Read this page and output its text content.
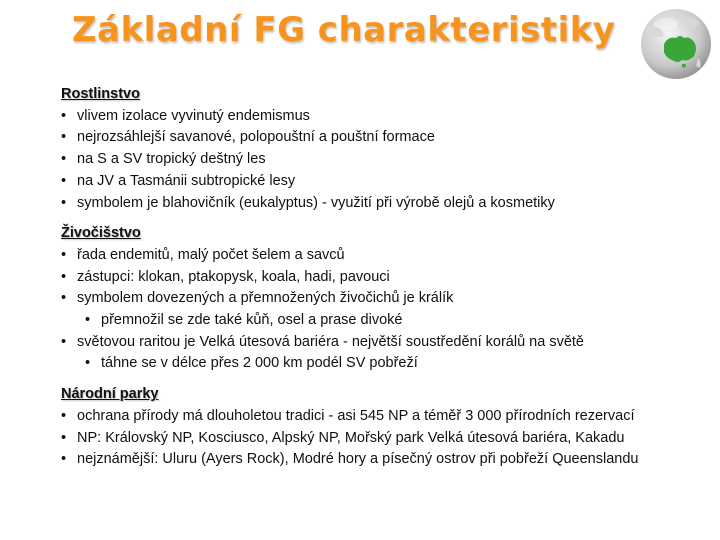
Základní FG charakteristiky
Rostlinstvo
• vlivem izolace vyvinutý endemismus
• nejrozsáhlejší savanové, polopouštní a pouštní formace
• na S a SV tropický deštný les
• na JV a Tasmánii subtropické lesy
• symbolem je blahovičník (eukalyptus) - využití při výrobě olejů a kosmetiky
Živočišstvo
• řada endemitů, malý počet šelem a savců
• zástupci: klokan, ptakopysk, koala, hadi, pavouci
• symbolem dovezených a přemnožených živočichů je králík
• přemnožil se zde také kůň, osel a prase divoké
• světovou raritou je Velká útesová bariéra - největší soustředění korálů na světě
• táhne se v délce přes 2 000 km podél SV pobřeží
Národní parky
• ochrana přírody má dlouholetou tradici - asi 545 NP a téměř 3 000 přírodních rezervací
• NP: Královský NP, Kosciusco, Alpský NP, Mořský park Velká útesová bariéra, Kakadu
• nejznámější: Uluru (Ayers Rock), Modré hory a písečný ostrov při pobřeží Queenslandu
